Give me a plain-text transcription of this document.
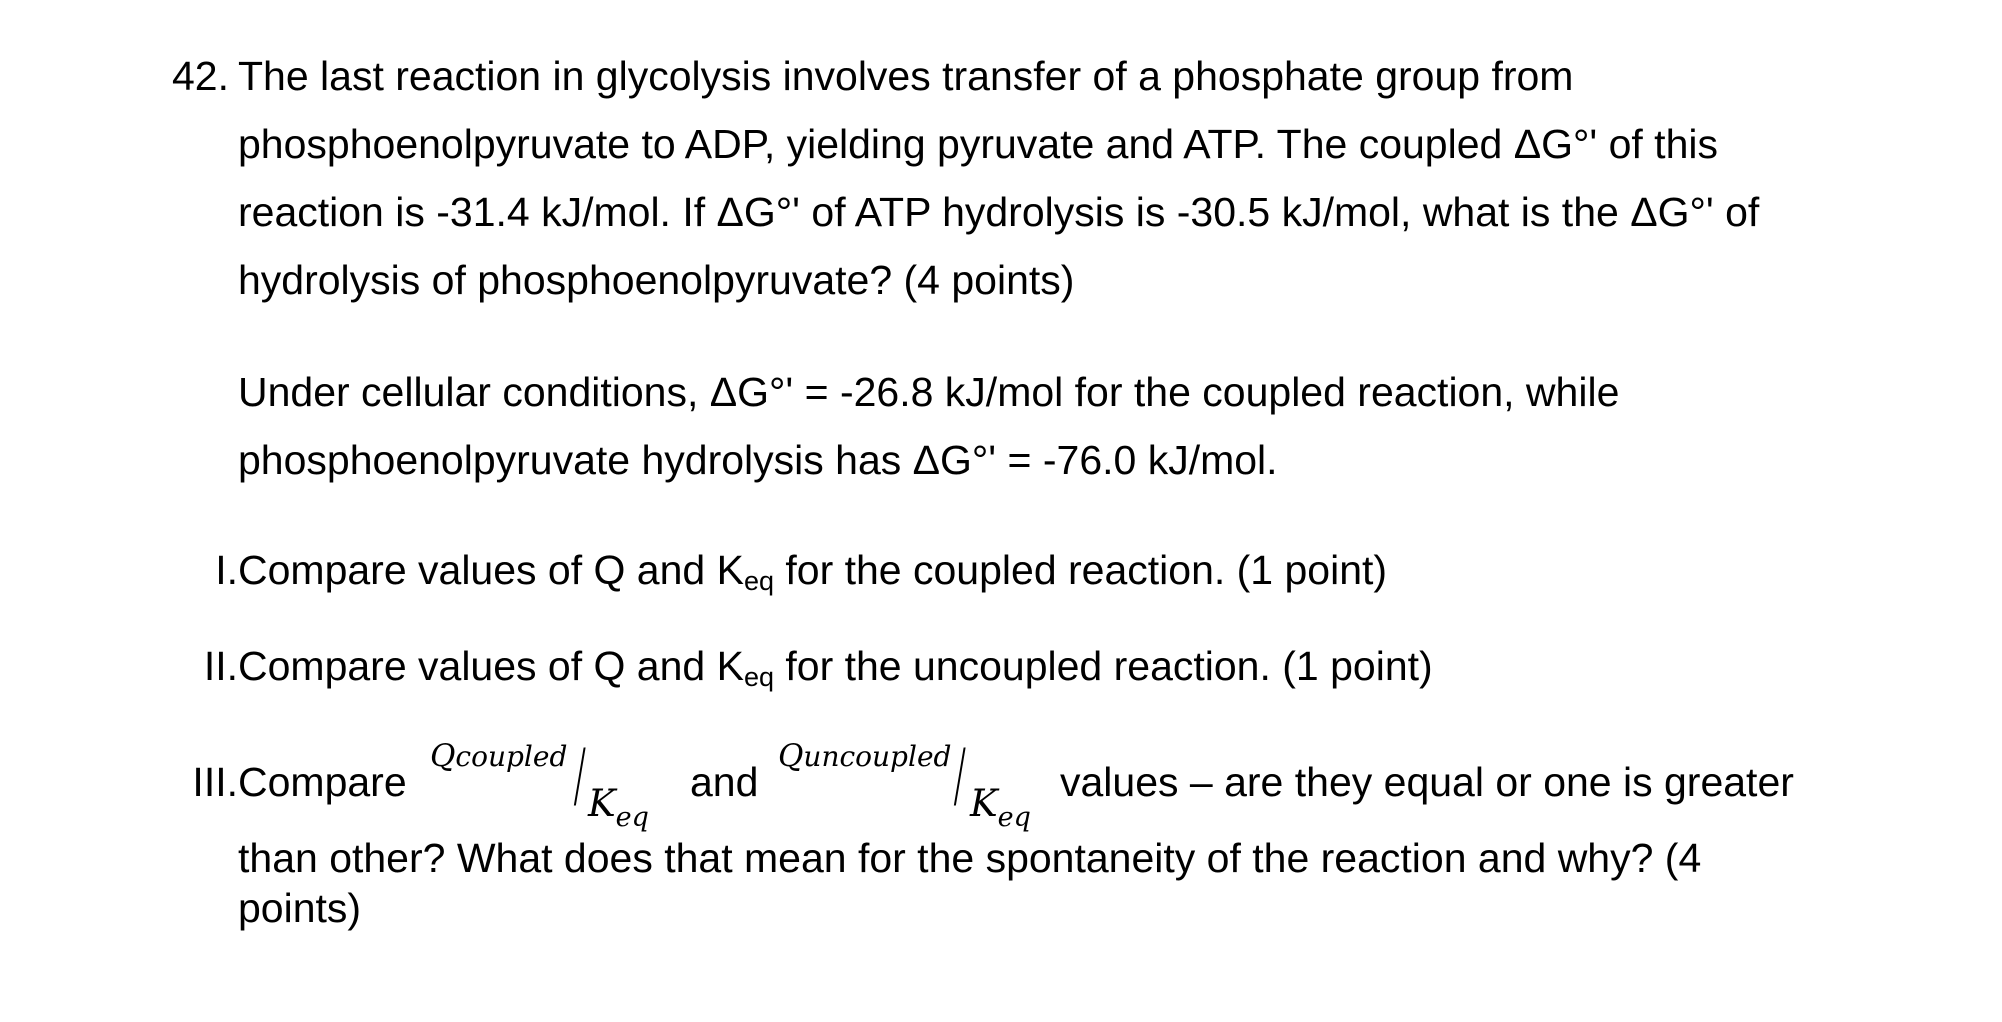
42. The last reaction in glycolysis involves transfer of a phosphate group from
phosphoenolpyruvate to ADP, yielding pyruvate and ATP. The coupled ΔG°' of this
reaction is -31.4 kJ/mol. If ΔG°' of ATP hydrolysis is -30.5 kJ/mol, what is the ΔG°' of
hydrolysis of phosphoenolpyruvate? (4 points)
Under cellular conditions, ΔG°' = -26.8 kJ/mol for the coupled reaction, while
phosphoenolpyruvate hydrolysis has ΔG°' = -76.0 kJ/mol.
I. Compare values of Q and Keq for the coupled reaction. (1 point)
II. Compare values of Q and Keq for the uncoupled reaction. (1 point)
III. Compare
Qcoupled / $K_{eq}$
and
Quncoupled / $K_{eq}$
values – are they equal or one is greater
than other? What does that mean for the spontaneity of the reaction and why? (4
points)
